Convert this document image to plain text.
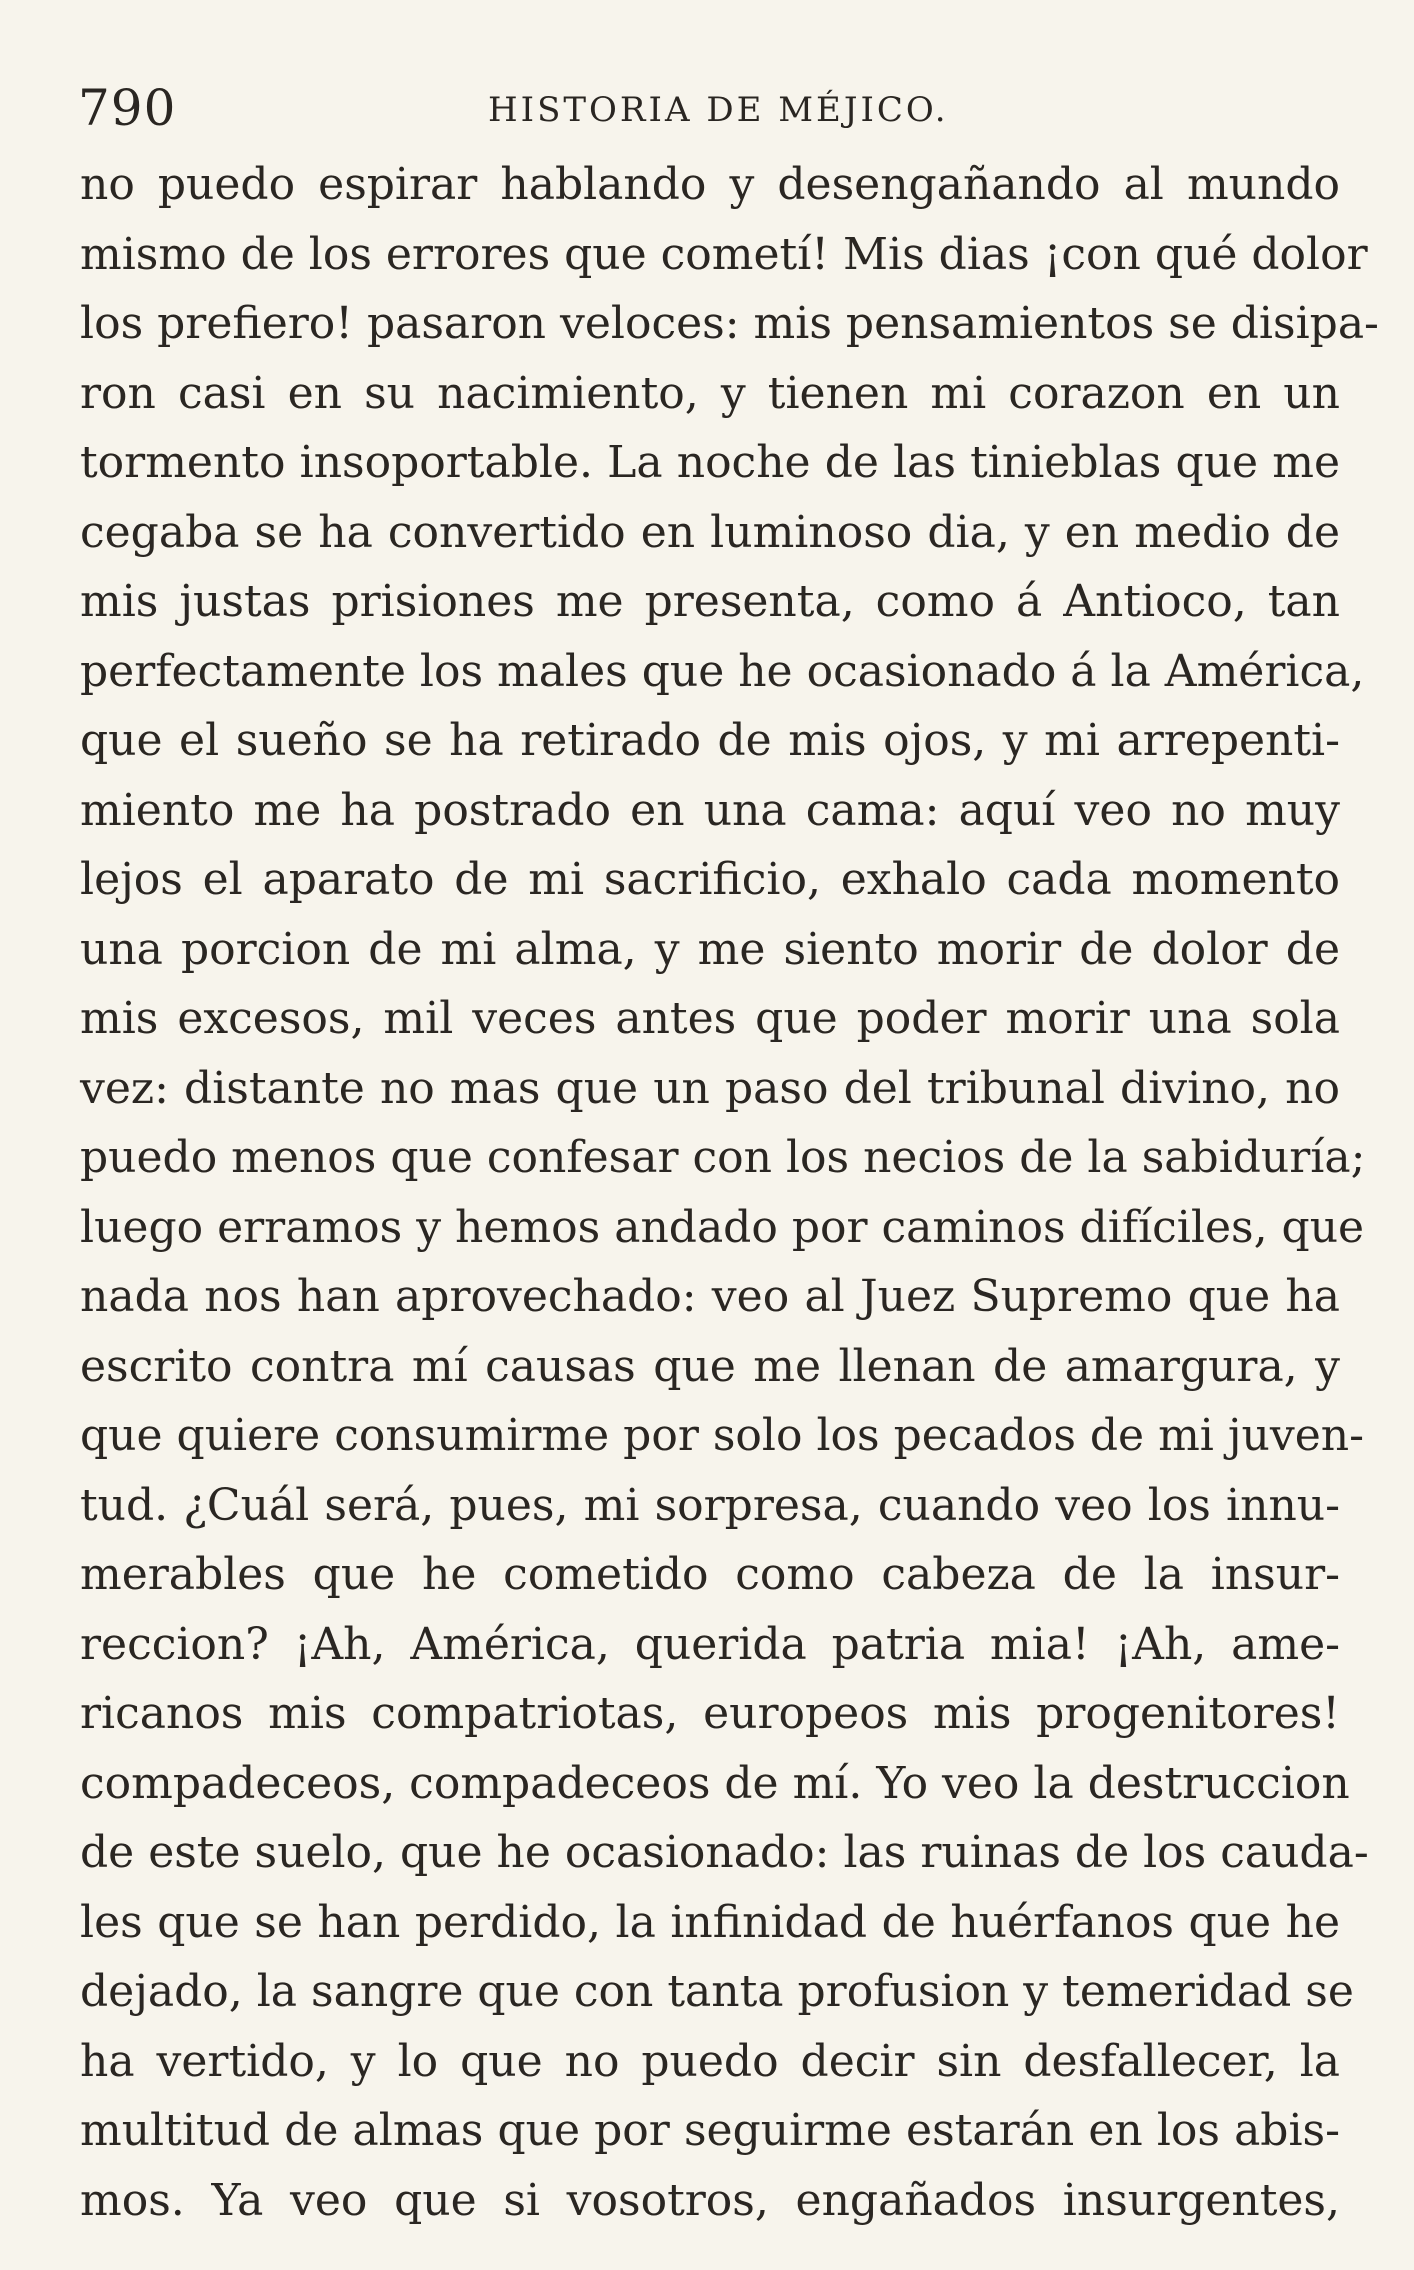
790	HISTORIA DE MÉJICO.
no puedo espirar hablando y desengañando al mundo
mismo de los errores que cometí! Mis dias ¡con qué dolor
los prefiero! pasaron veloces: mis pensamientos se disipa-
ron casi en su nacimiento, y tienen mi corazon en un
tormento insoportable. La noche de las tinieblas que me
cegaba se ha convertido en luminoso dia, y en medio de
mis justas prisiones me presenta, como á Antioco, tan
perfectamente los males que he ocasionado á la América,
que el sueño se ha retirado de mis ojos, y mi arrepenti-
miento me ha postrado en una cama: aquí veo no muy
lejos el aparato de mi sacrificio, exhalo cada momento
una porcion de mi alma, y me siento morir de dolor de
mis excesos, mil veces antes que poder morir una sola
vez: distante no mas que un paso del tribunal divino, no
puedo menos que confesar con los necios de la sabiduría;
luego erramos y hemos andado por caminos difíciles, que
nada nos han aprovechado: veo al Juez Supremo que ha
escrito contra mí causas que me llenan de amargura, y
que quiere consumirme por solo los pecados de mi juven-
tud. ¿Cuál será, pues, mi sorpresa, cuando veo los innu-
merables que he cometido como cabeza de la insur-
reccion? ¡Ah, América, querida patria mia! ¡Ah, ame-
ricanos mis compatriotas, europeos mis progenitores!
compadeceos, compadeceos de mí. Yo veo la destruccion
de este suelo, que he ocasionado: las ruinas de los cauda-
les que se han perdido, la infinidad de huérfanos que he
dejado, la sangre que con tanta profusion y temeridad se
ha vertido, y lo que no puedo decir sin desfallecer, la
multitud de almas que por seguirme estarán en los abis-
mos. Ya veo que si vosotros, engañados insurgentes,
